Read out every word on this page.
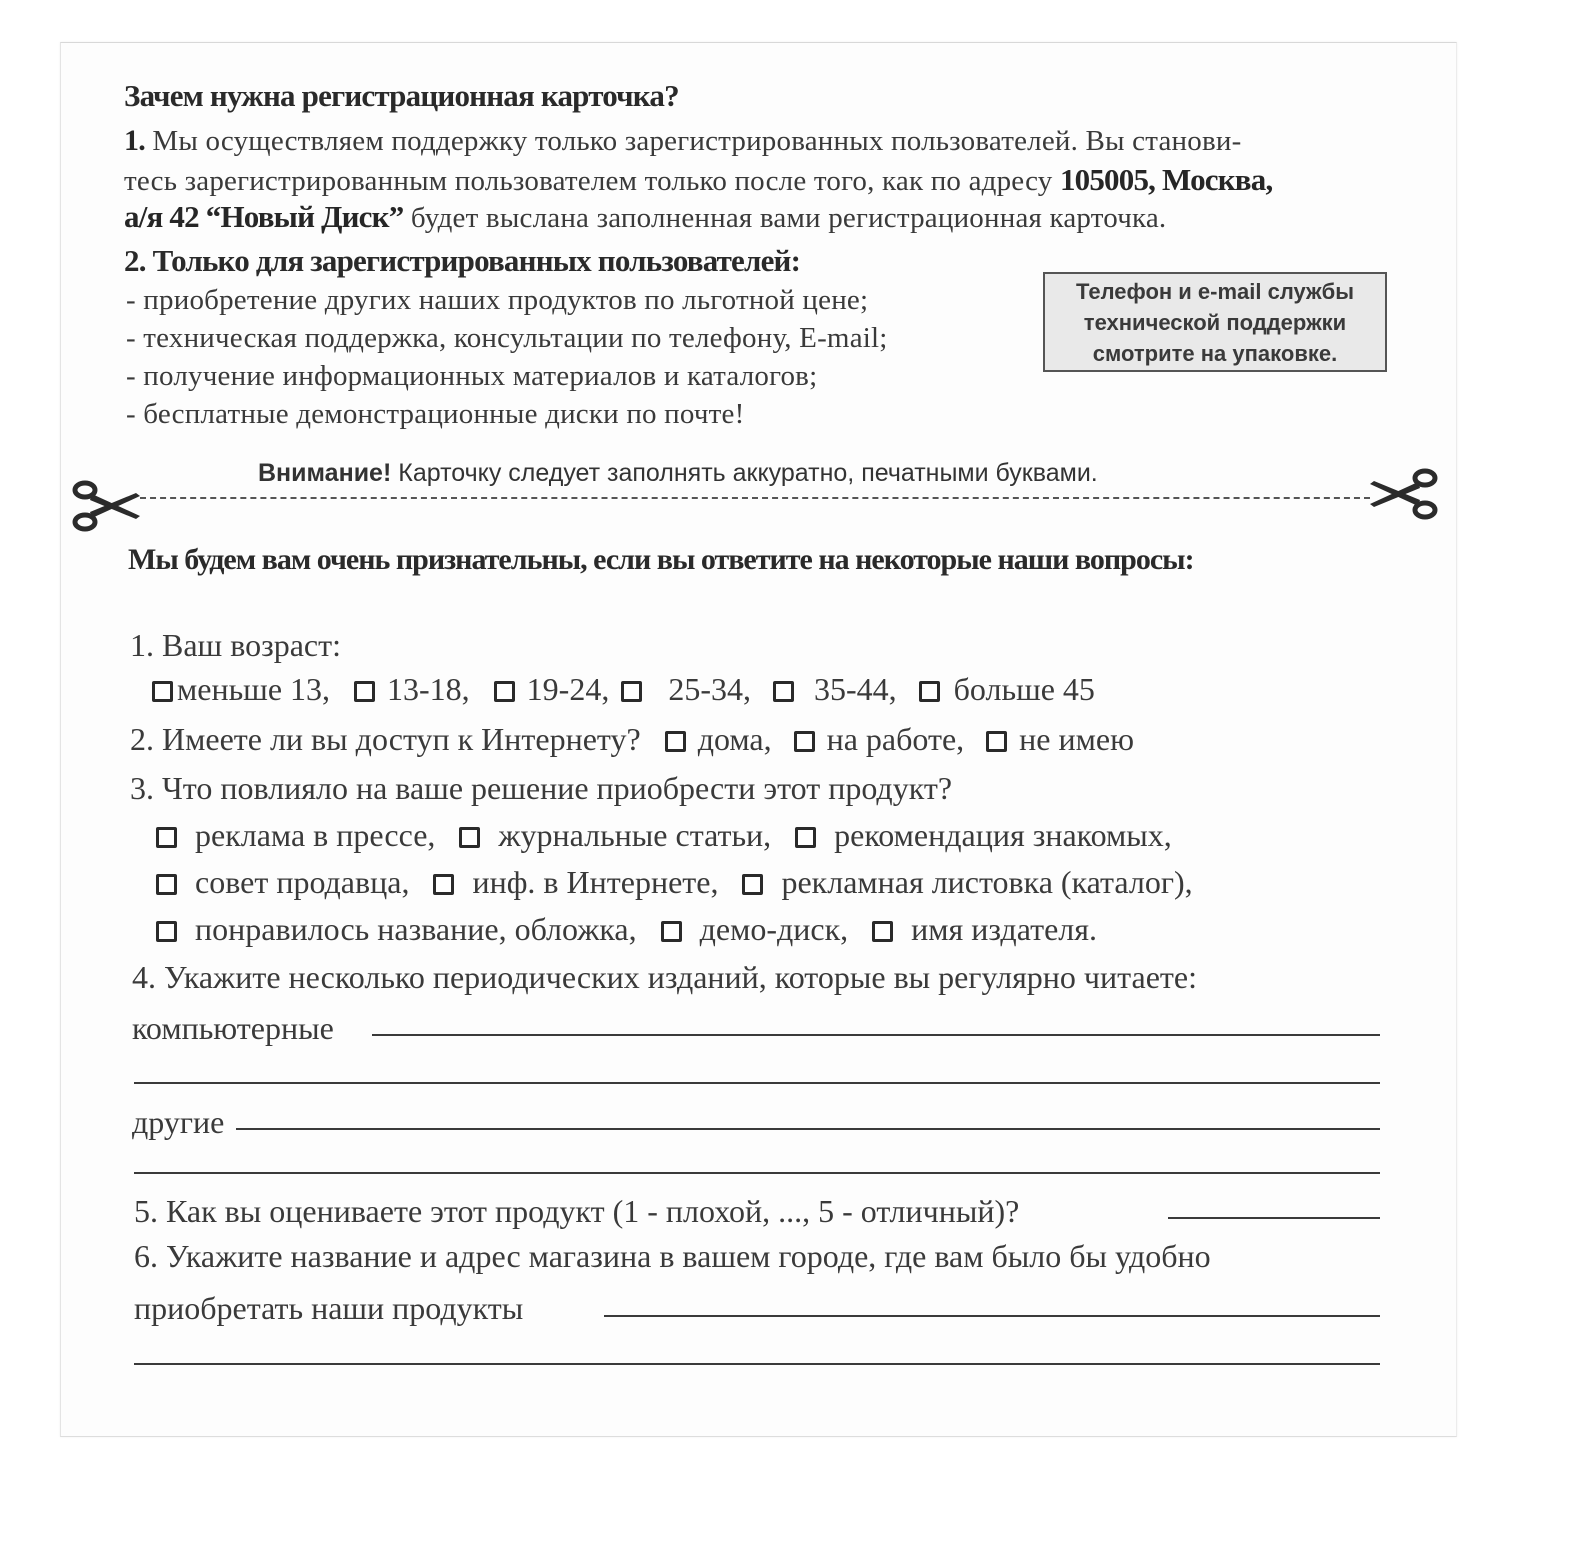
Зачем нужна регистрационная карточка?
1. Мы осуществляем поддержку только зарегистрированных пользователей. Вы станови-
тесь зарегистрированным пользователем только после того, как по адресу 105005, Москва,
а/я 42 “Новый Диск” будет выслана заполненная вами регистрационная карточка.
2. Только для зарегистрированных пользователей:
- приобретение других наших продуктов по льготной цене;
- техническая поддержка, консультации по телефону, E-mail;
- получение информационных материалов и каталогов;
- бесплатные демонстрационные диски по почте!
Телефон и e-mail службы
технической поддержки
смотрите на упаковке.
Внимание! Карточку следует заполнять аккуратно, печатными буквами.
Мы будем вам очень признательны, если вы ответите на некоторые наши вопросы:
1. Ваш возраст:
меньше 13, 13-18, 19-24, 25-34, 35-44, больше 45
2. Имеете ли вы доступ к Интернету? дома, на работе, не имею
3. Что повлияло на ваше решение приобрести этот продукт?
реклама в прессе, журнальные статьи, рекомендация знакомых,
совет продавца, инф. в Интернете, рекламная листовка (каталог),
понравилось название, обложка, демо-диск, имя издателя.
4. Укажите несколько периодических изданий, которые вы регулярно читаете:
компьютерные
другие
5. Как вы оцениваете этот продукт (1 - плохой, ..., 5 - отличный)?
6. Укажите название и адрес магазина в вашем городе, где вам было бы удобно
приобретать наши продукты
